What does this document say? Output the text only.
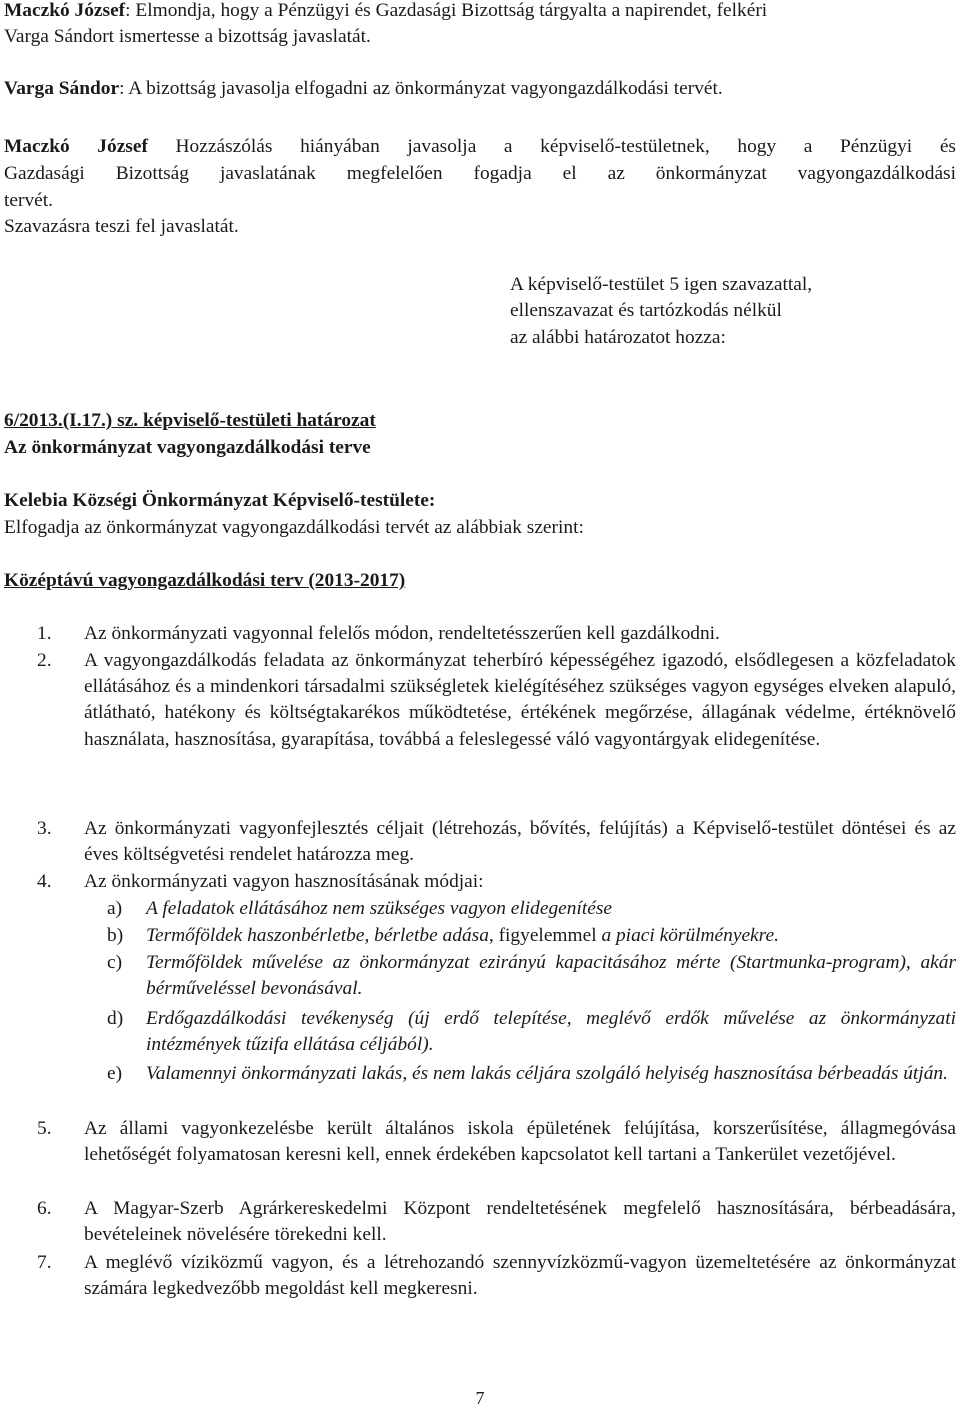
Maczkó József: Elmondja, hogy a Pénzügyi és Gazdasági Bizottság tárgyalta a napirendet, felkéri
Varga Sándort ismertesse a bizottság javaslatát.
Varga Sándor: A bizottság javasolja elfogadni az önkormányzat vagyongazdálkodási tervét.
Maczkó József Hozzászólás hiányában javasolja a képviselő-testületnek, hogy a Pénzügyi és
Gazdasági Bizottság javaslatának megfelelően fogadja el az önkormányzat vagyongazdálkodási
tervét.
Szavazásra teszi fel javaslatát.
A képviselő-testület 5 igen szavazattal,
ellenszavazat és tartózkodás nélkül
az alábbi határozatot hozza:
6/2013.(I.17.) sz. képviselő-testületi határozat
Az önkormányzat vagyongazdálkodási terve
Kelebia Községi Önkormányzat Képviselő-testülete:
Elfogadja az önkormányzat vagyongazdálkodási tervét az alábbiak szerint:
Középtávú vagyongazdálkodási terv (2013-2017)
1.	Az önkormányzati vagyonnal felelős módon, rendeltetésszerűen kell gazdálkodni.
2.	A vagyongazdálkodás feladata az önkormányzat teherbíró képességéhez igazodó, elsődlegesen a közfeladatok ellátásához és a mindenkori társadalmi szükségletek kielégítéséhez szükséges vagyon egységes elveken alapuló, átlátható, hatékony és költségtakarékos működtetése, értékének megőrzése, állagának védelme, értéknövelő használata, hasznosítása, gyarapítása, továbbá a feleslegessé váló vagyontárgyak elidegenítése.
3.	Az önkormányzati vagyonfejlesztés céljait (létrehozás, bővítés, felújítás) a Képviselő-testület döntései és az éves költségvetési rendelet határozza meg.
4.	Az önkormányzati vagyon hasznosításának módjai:
a) A feladatok ellátásához nem szükséges vagyon elidegenítése
b) Termőföldek haszonbérletbe, bérletbe adása, figyelemmel a piaci körülményekre.
c) Termőföldek művelése az önkormányzat ezirányú kapacitásához mérte (Startmunka-program), akár bérműveléssel bevonásával.
d) Erdőgazdálkodási tevékenység (új erdő telepítése, meglévő erdők művelése az önkormányzati intézmények tűzifa ellátása céljából).
e) Valamennyi önkormányzati lakás, és nem lakás céljára szolgáló helyiség hasznosítása bérbeadás útján.
5.	Az állami vagyonkezelésbe került általános iskola épületének felújítása, korszerűsítése, állagmegóvása lehetőségét folyamatosan keresni kell, ennek érdekében kapcsolatot kell tartani a Tankerület vezetőjével.
6.	A Magyar-Szerb Agrárkereskedelmi Központ rendeltetésének megfelelő hasznosítására, bérbeadására, bevételeinek növelésére törekedni kell.
7.	A meglévő víziközmű vagyon, és a létrehozandó szennyvízközmű-vagyon üzemeltetésére az önkormányzat számára legkedvezőbb megoldást kell megkeresni.
7
